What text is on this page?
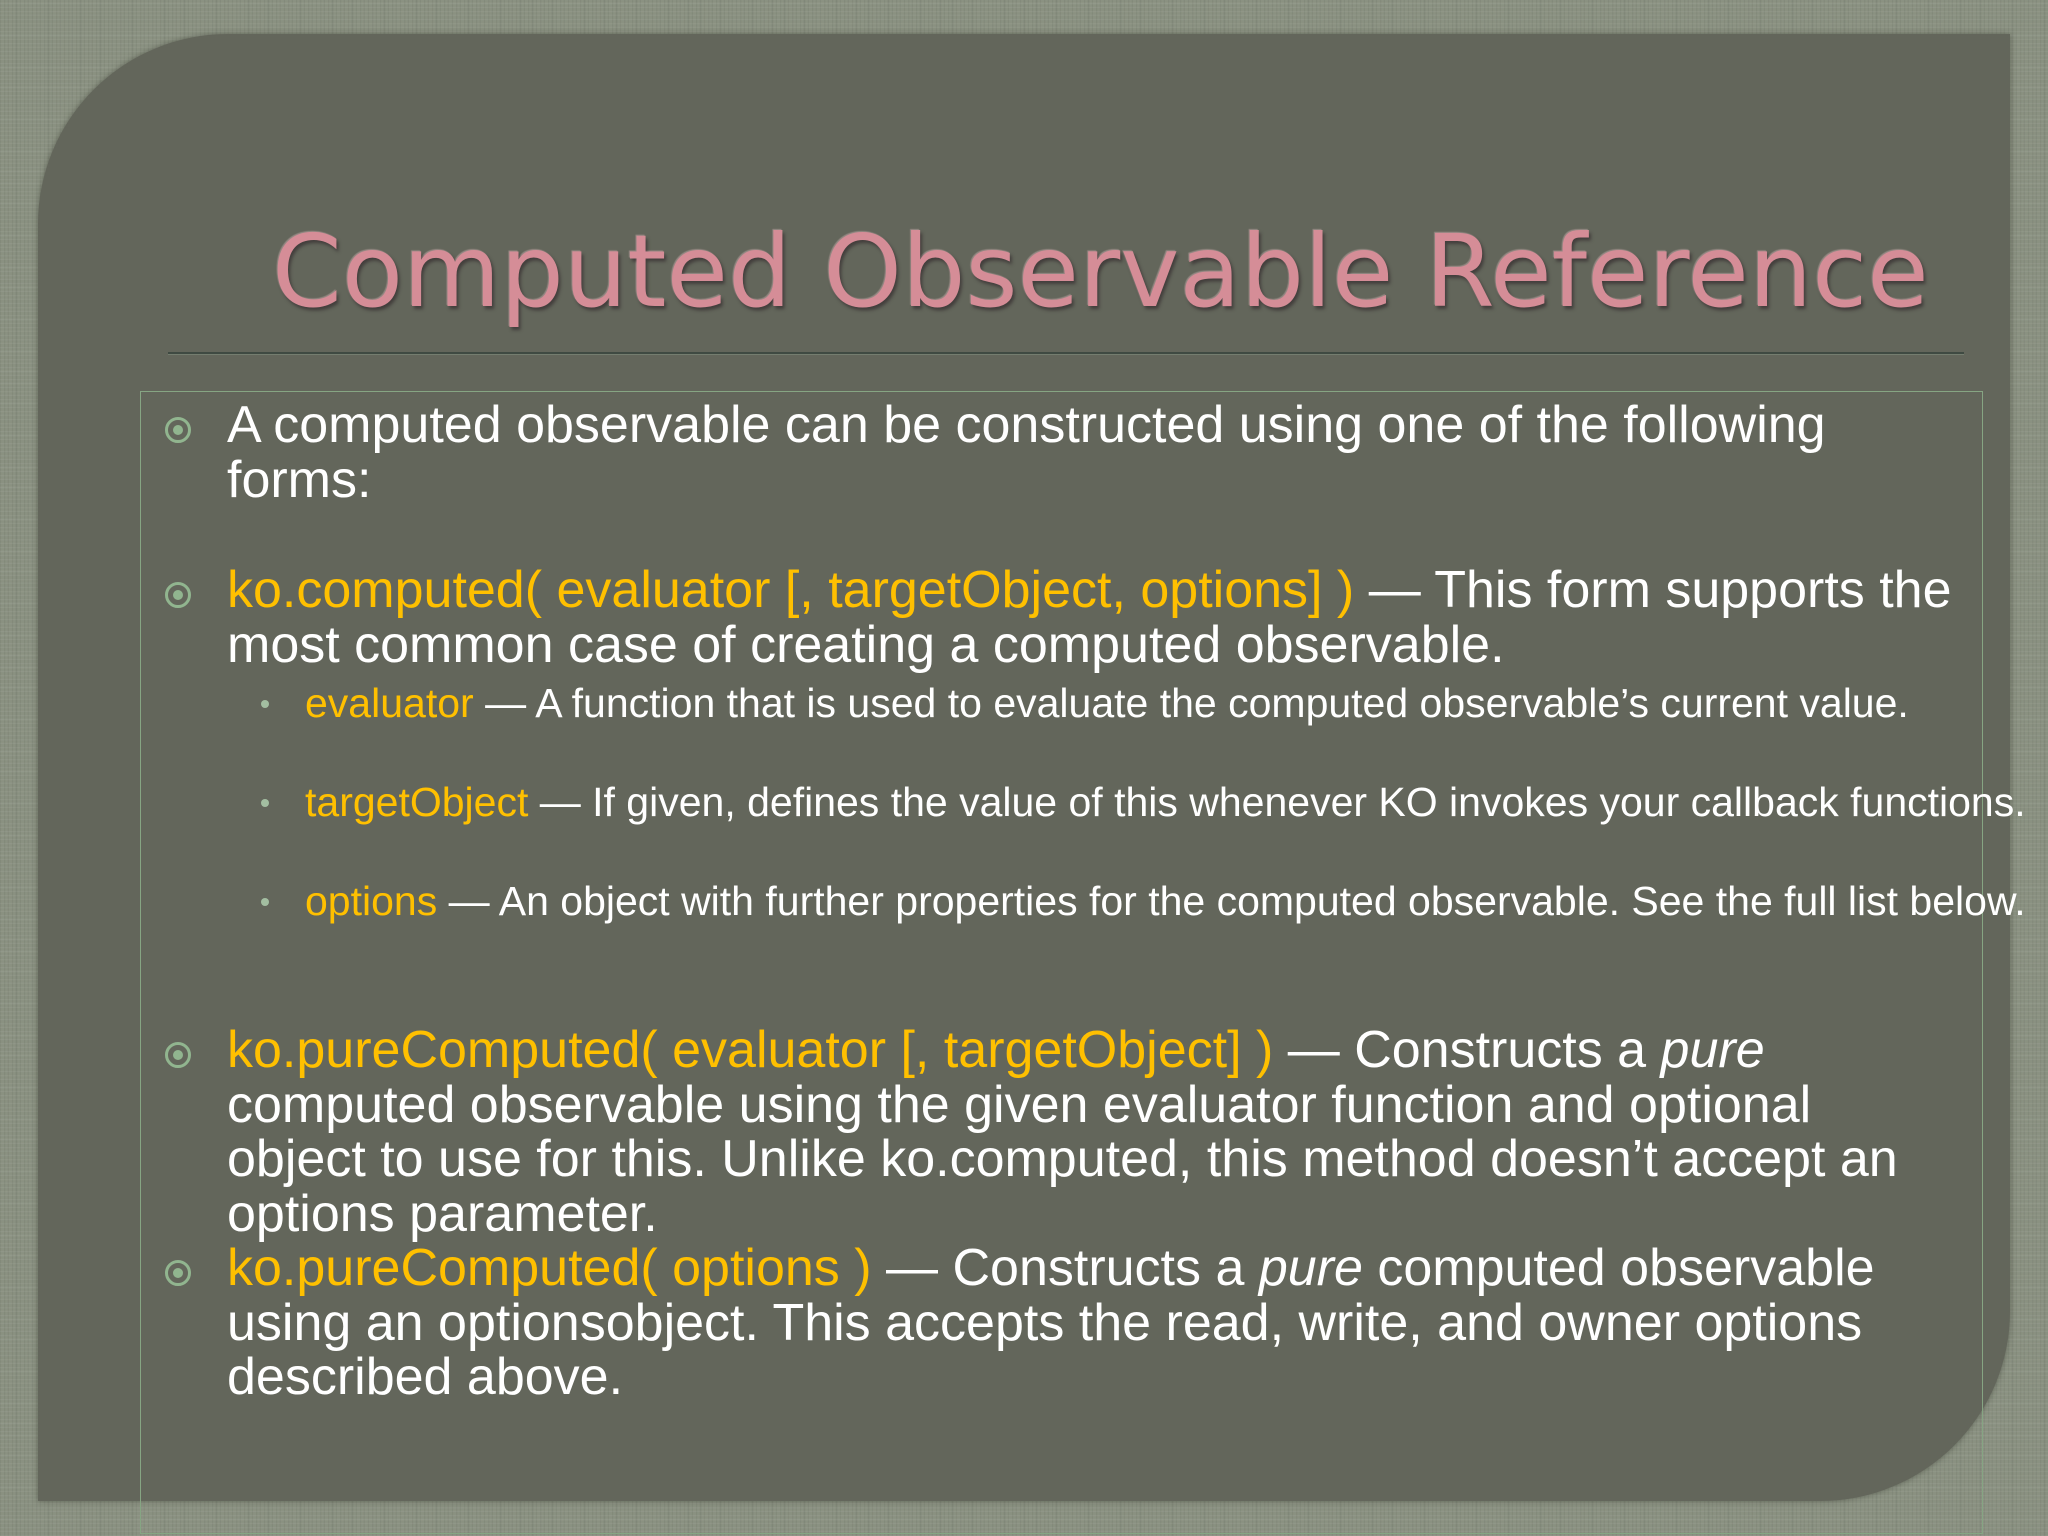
Computed Observable Reference
A computed observable can be constructed using one of the following forms:
ko.computed( evaluator [, targetObject, options] ) — This form supports the most common case of creating a computed observable.
evaluator — A function that is used to evaluate the computed observable’s current value.
targetObject — If given, defines the value of this whenever KO invokes your callback functions.
options — An object with further properties for the computed observable. See the full list below.
ko.pureComputed( evaluator [, targetObject] ) — Constructs a pure computed observable using the given evaluator function and optional object to use for this. Unlike ko.computed, this method doesn’t accept an options parameter.
ko.pureComputed( options ) — Constructs a pure computed observable using an optionsobject. This accepts the read, write, and owner options described above.
